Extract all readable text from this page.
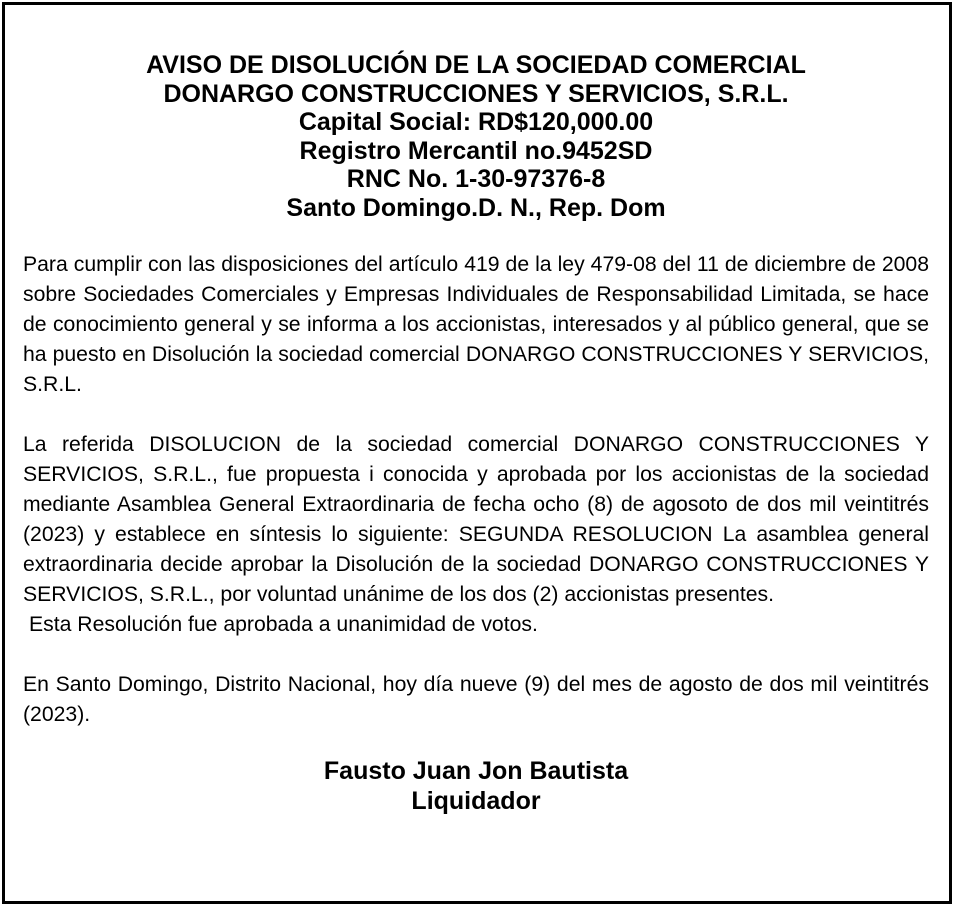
AVISO DE DISOLUCIÓN DE LA SOCIEDAD COMERCIAL
DONARGO CONSTRUCCIONES Y SERVICIOS, S.R.L.
Capital Social: RD$120,000.00
Registro Mercantil no.9452SD
RNC No. 1-30-97376-8
Santo Domingo.D. N., Rep. Dom

Para cumplir con las disposiciones del artículo 419 de la ley 479-08 del 11 de diciembre de 2008 sobre Sociedades Comerciales y Empresas Individuales de Responsabilidad Limitada, se hace de conocimiento general y se informa a los accionistas, interesados y al público general, que se ha puesto en Disolución la sociedad comercial DONARGO CONSTRUCCIONES Y SERVICIOS, S.R.L.

La referida DISOLUCION de la sociedad comercial DONARGO CONSTRUCCIONES Y SERVICIOS, S.R.L., fue propuesta i conocida y aprobada por los accionistas de la sociedad mediante Asamblea General Extraordinaria de fecha ocho (8) de agosoto de dos mil veintitrés (2023) y establece en síntesis lo siguiente: SEGUNDA RESOLUCION La asamblea general extraordinaria decide aprobar la Disolución de la sociedad DONARGO CONSTRUCCIONES Y SERVICIOS, S.R.L., por voluntad unánime de los dos (2) accionistas presentes.
Esta Resolución fue aprobada a unanimidad de votos.

En Santo Domingo, Distrito Nacional, hoy día nueve (9) del mes de agosto de dos mil veintitrés (2023).

Fausto Juan Jon Bautista
Liquidador
